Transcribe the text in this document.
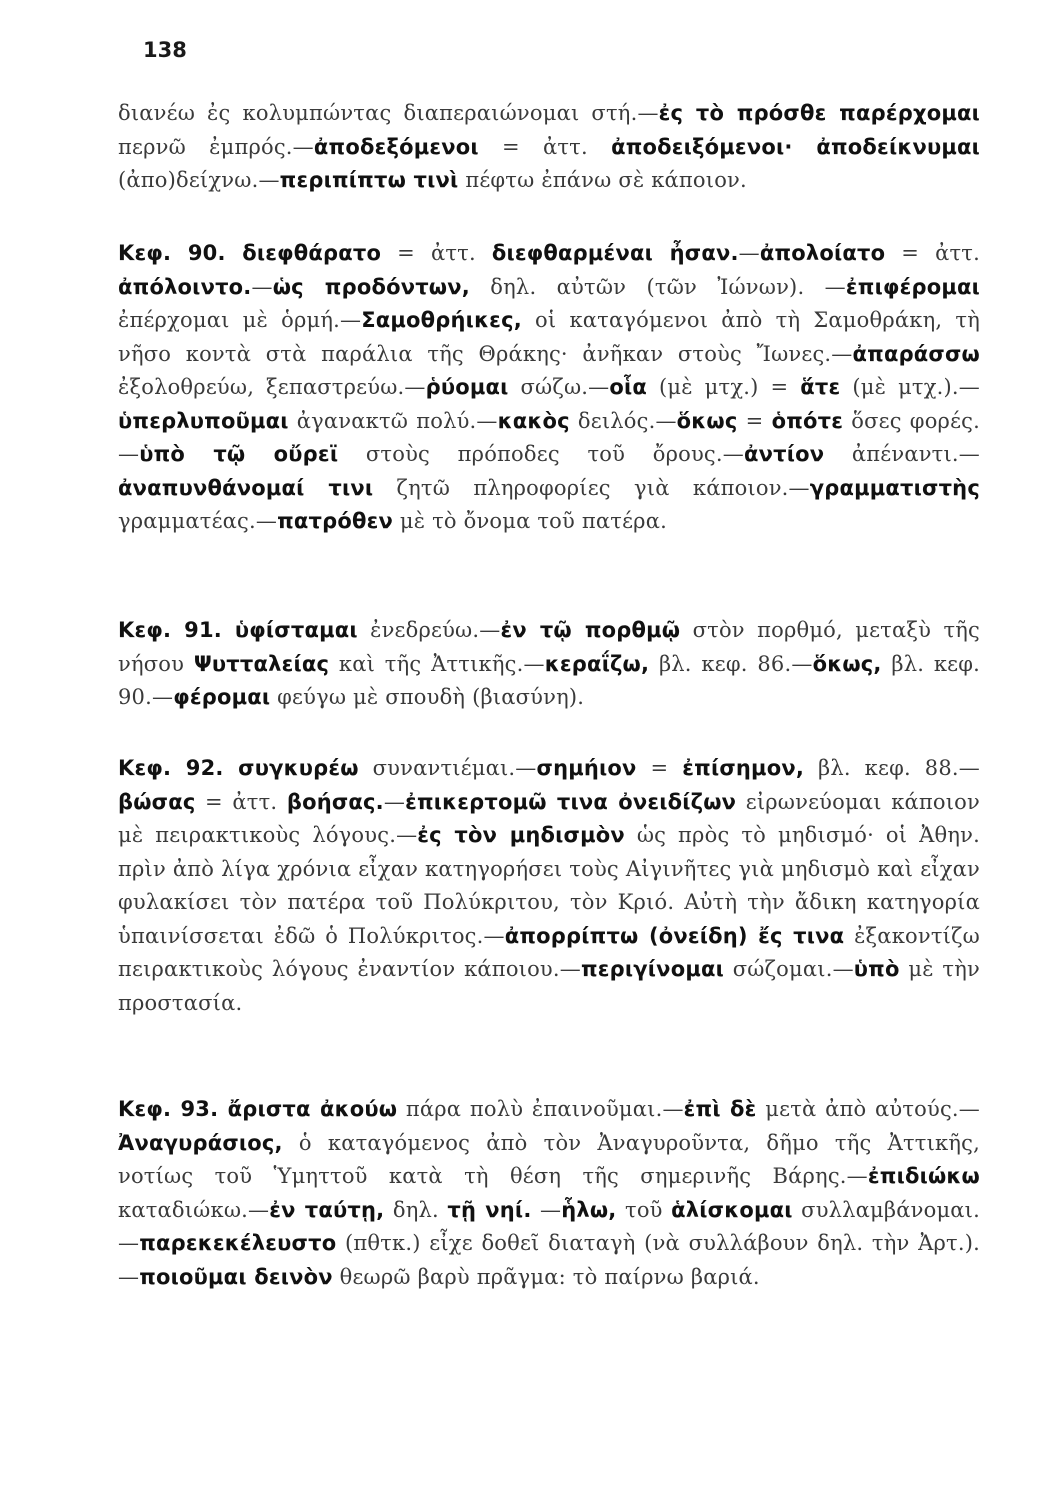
138
διανέω ἐς κολυμπώντας διαπεραιώνομαι στή.—ἐς τὸ πρόσθε παρέρχομαι περνῶ ἐμπρός.—ἀποδεξόμενοι = ἀττ. ἀποδειξόμενοι· ἀποδείκνυμαι (ἀπο)δείχνω.—περιπίπτω τινὶ πέφτω ἐπάνω σὲ κάποιον.
Κεφ. 90. διεφθάρατο = ἀττ. διεφθαρμέναι ἦσαν.—ἀπολοίατο = ἀττ. ἀπόλοιντο.—ὡς προδόντων, δηλ. αὐτῶν (τῶν Ἰώνων). —ἐπιφέρομαι ἐπέρχομαι μὲ ὁρμή.—Σαμοθρήικες, οἱ καταγόμενοι ἀπὸ τὴ Σαμοθράκη, τὴ νῆσο κοντὰ στὰ παράλια τῆς Θράκης· ἀνῆκαν στοὺς Ἴωνες.—ἀπαράσσω ἐξολοθρεύω, ξεπαστρεύω.—ῥύομαι σώζω.—οἷα (μὲ μτχ.) = ἅτε (μὲ μτχ.).—ὑπερλυποῦμαι ἀγανακτῶ πολύ.—κακὸς δειλός.—ὅκως = ὁπότε ὅσες φορές.—ὑπὸ τῷ οὔρεϊ στοὺς πρόποδες τοῦ ὄρους.—ἀντίον ἀπέναντι.—ἀναπυνθάνομαί τινι ζητῶ πληροφορίες γιὰ κάποιον.—γραμματιστὴς γραμματέας.—πατρόθεν μὲ τὸ ὄνομα τοῦ πατέρα.
Κεφ. 91. ὑφίσταμαι ἐνεδρεύω.—ἐν τῷ πορθμῷ στὸν πορθμό, μεταξὺ τῆς νήσου Ψυτταλείας καὶ τῆς Ἀττικῆς.—κεραΐζω, βλ. κεφ. 86.—ὅκως, βλ. κεφ. 90.—φέρομαι φεύγω μὲ σπουδὴ (βιασύνη).
Κεφ. 92. συγκυρέω συναντιέμαι.—σημήιον = ἐπίσημον, βλ. κεφ. 88.—βώσας = ἀττ. βοήσας.—ἐπικερτομῶ τινα ὀνειδίζων εἰρωνεύομαι κάποιον μὲ πειρακτικοὺς λόγους.—ἐς τὸν μηδισμὸν ὡς πρὸς τὸ μηδισμό· οἱ Ἀθην. πρὶν ἀπὸ λίγα χρόνια εἶχαν κατηγορήσει τοὺς Αἰγινῆτες γιὰ μηδισμὸ καὶ εἶχαν φυλακίσει τὸν πατέρα τοῦ Πολύκριτου, τὸν Κριό. Αὐτὴ τὴν ἄδικη κατηγορία ὑπαινίσσεται ἐδῶ ὁ Πολύκριτος.—ἀπορρίπτω (ὀνείδη) ἔς τινα ἐξακοντίζω πειρακτικοὺς λόγους ἐναντίον κάποιου.—περιγίνομαι σώζομαι.—ὑπὸ μὲ τὴν προστασία.
Κεφ. 93. ἄριστα ἀκούω πάρα πολὺ ἐπαινοῦμαι.—ἐπὶ δὲ μετὰ ἀπὸ αὐτούς.—Ἀναγυράσιος, ὁ καταγόμενος ἀπὸ τὸν Ἀναγυροῦντα, δῆμο τῆς Ἀττικῆς, νοτίως τοῦ Ὑμηττοῦ κατὰ τὴ θέση τῆς σημερινῆς Βάρης.—ἐπιδιώκω καταδιώκω.—ἐν ταύτῃ, δηλ. τῇ νηί. —ἧλω, τοῦ ἁλίσκομαι συλλαμβάνομαι.—παρεκεκέλευστο (πθτκ.) εἶχε δοθεῖ διαταγὴ (νὰ συλλάβουν δηλ. τὴν Ἀρτ.).—ποιοῦμαι δεινὸν θεωρῶ βαρὺ πρᾶγμα: τὸ παίρνω βαριά.
